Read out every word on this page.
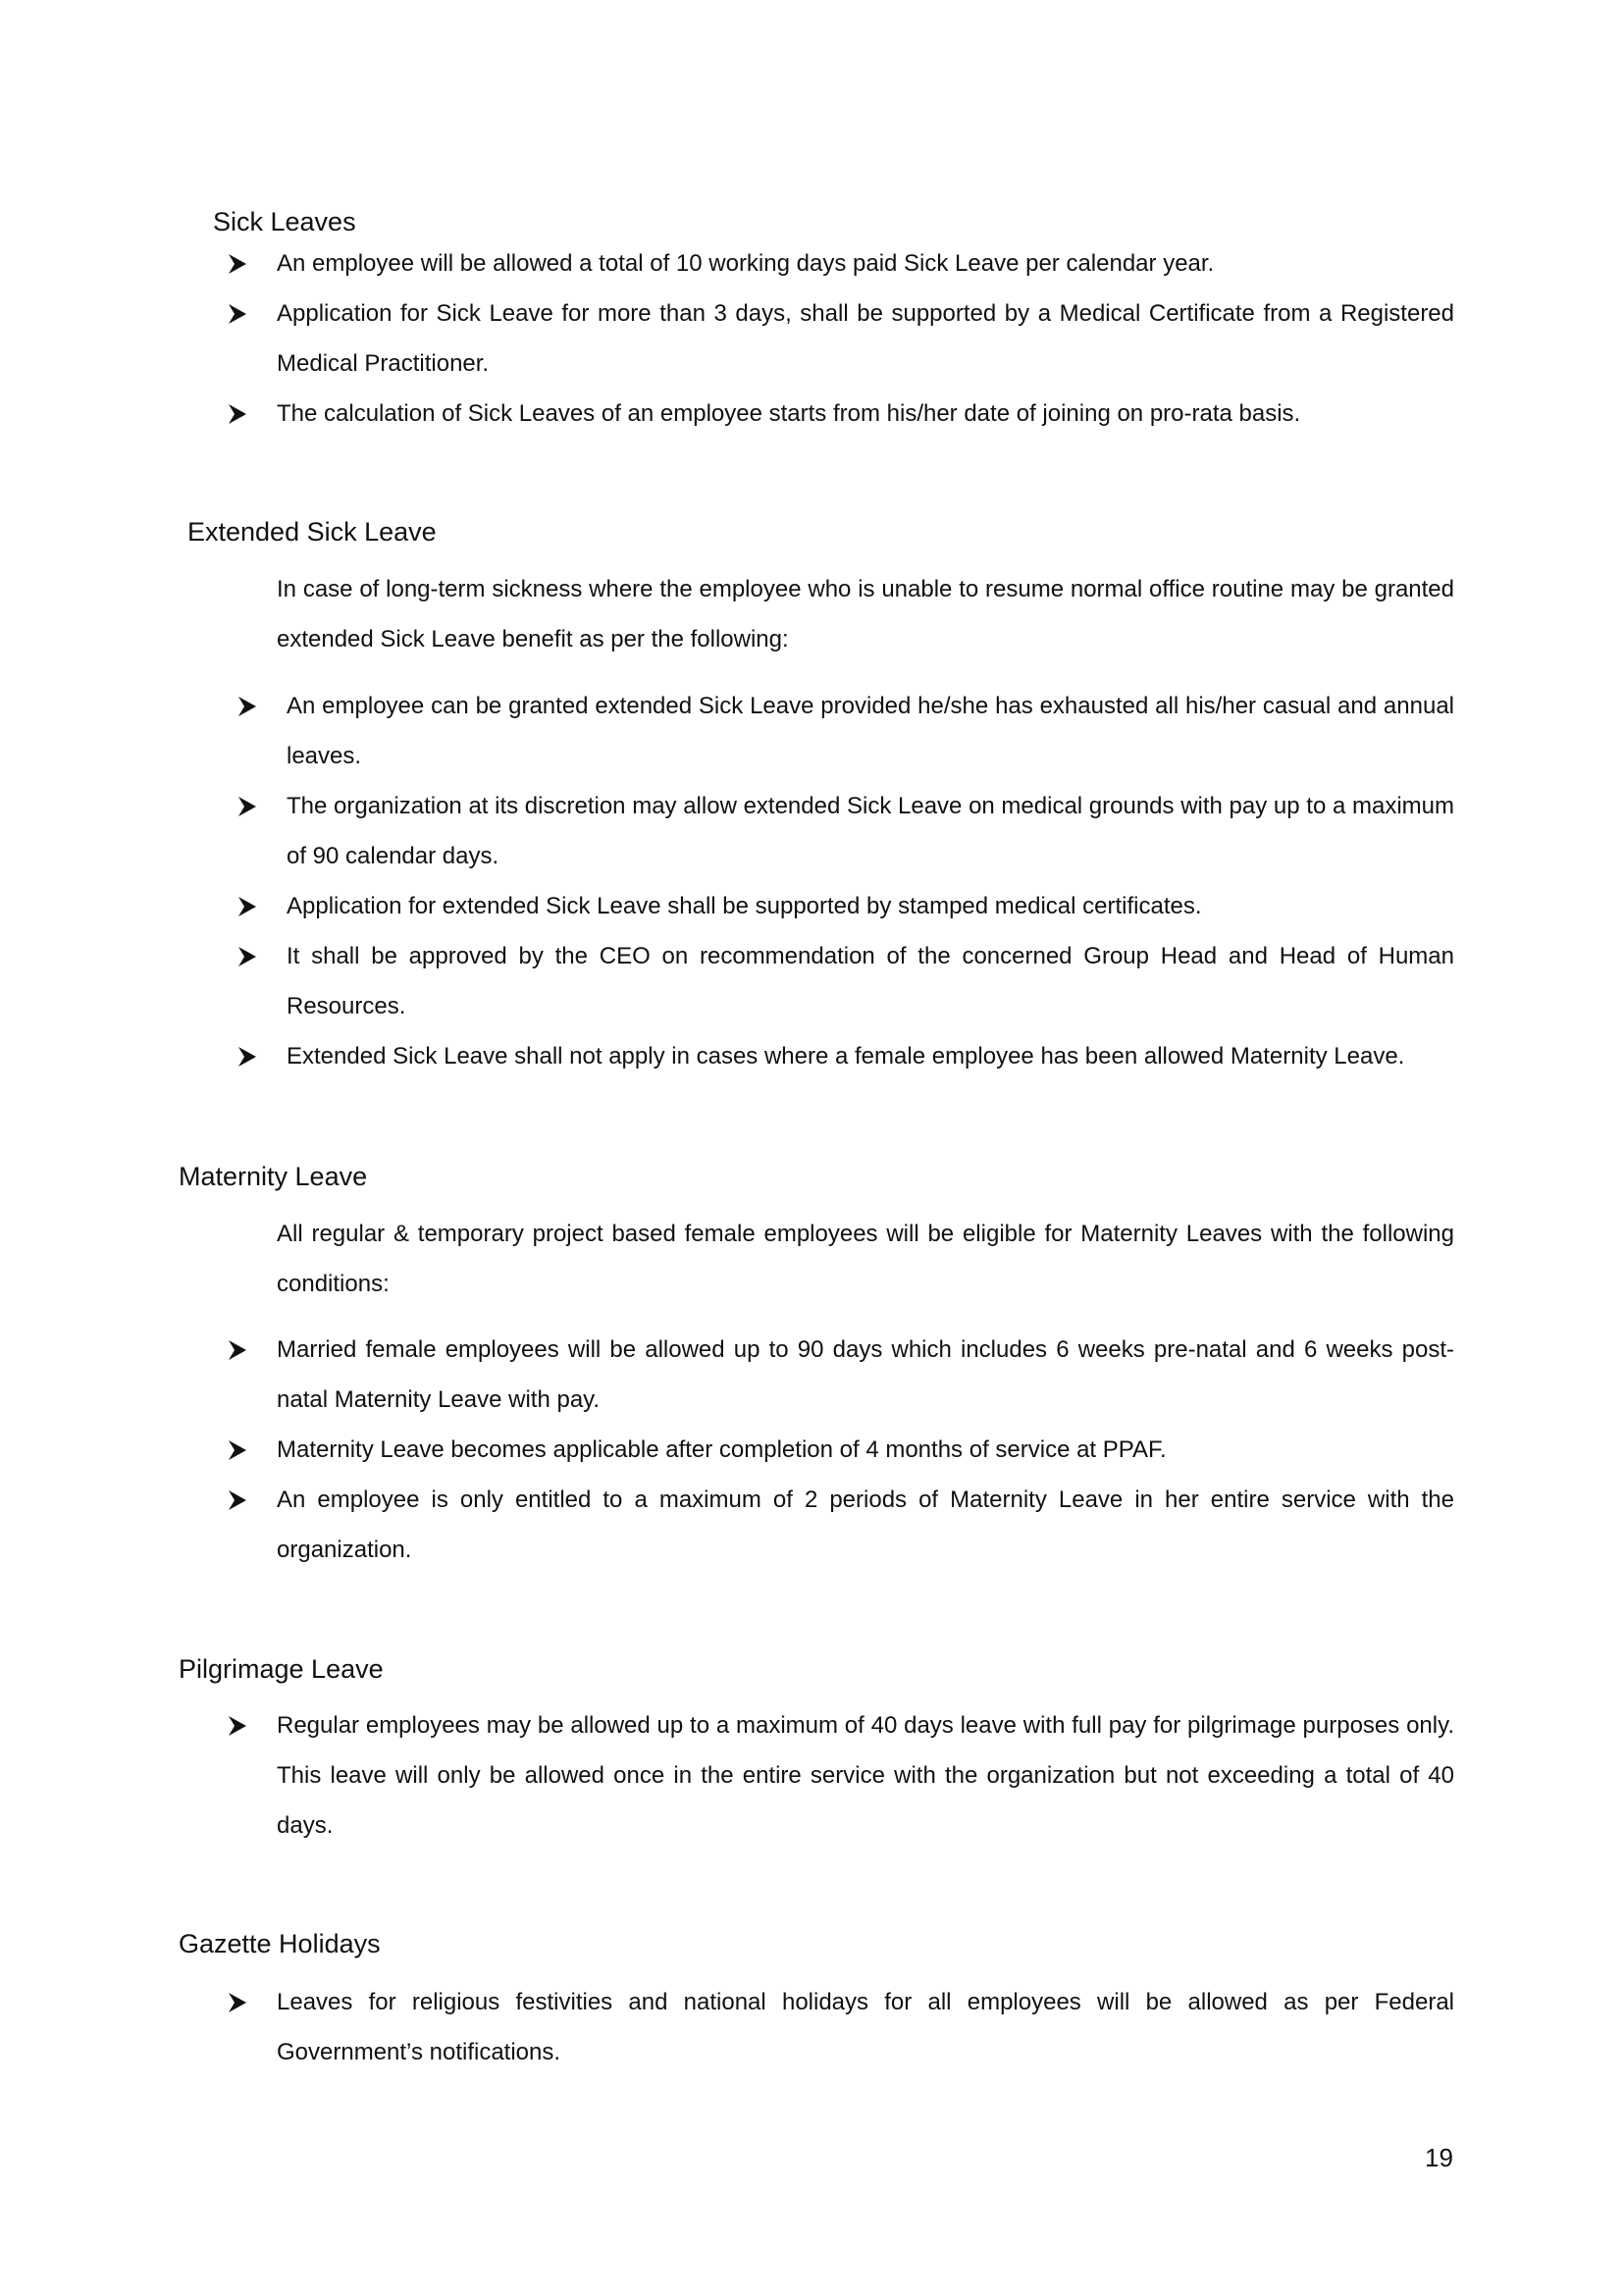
Sick Leaves

An employee will be allowed a total of 10 working days paid Sick Leave per calendar year.

Application for Sick Leave for more than 3 days, shall be supported by a Medical Certificate from a Registered Medical Practitioner.

The calculation of Sick Leaves of an employee starts from his/her date of joining on pro-rata basis.

Extended Sick Leave

In case of long-term sickness where the employee who is unable to resume normal office routine may be granted extended Sick Leave benefit as per the following:

An employee can be granted extended Sick Leave provided he/she has exhausted all his/her casual and annual leaves.

The organization at its discretion may allow extended Sick Leave on medical grounds with pay up to a maximum of 90 calendar days.

Application for extended Sick Leave shall be supported by stamped medical certificates.

It shall be approved by the CEO on recommendation of the concerned Group Head and Head of Human Resources.

Extended Sick Leave shall not apply in cases where a female employee has been allowed Maternity Leave.

Maternity Leave

All regular & temporary project based female employees will be eligible for Maternity Leaves with the following conditions:

Married female employees will be allowed up to 90 days which includes 6 weeks pre-natal and 6 weeks post-natal Maternity Leave with pay.

Maternity Leave becomes applicable after completion of 4 months of service at PPAF.

An employee is only entitled to a maximum of 2 periods of Maternity Leave in her entire service with the organization.

Pilgrimage Leave

Regular employees may be allowed up to a maximum of 40 days leave with full pay for pilgrimage purposes only. This leave will only be allowed once in the entire service with the organization but not exceeding a total of 40 days.

Gazette Holidays

Leaves for religious festivities and national holidays for all employees will be allowed as per Federal Government’s notifications.

19
